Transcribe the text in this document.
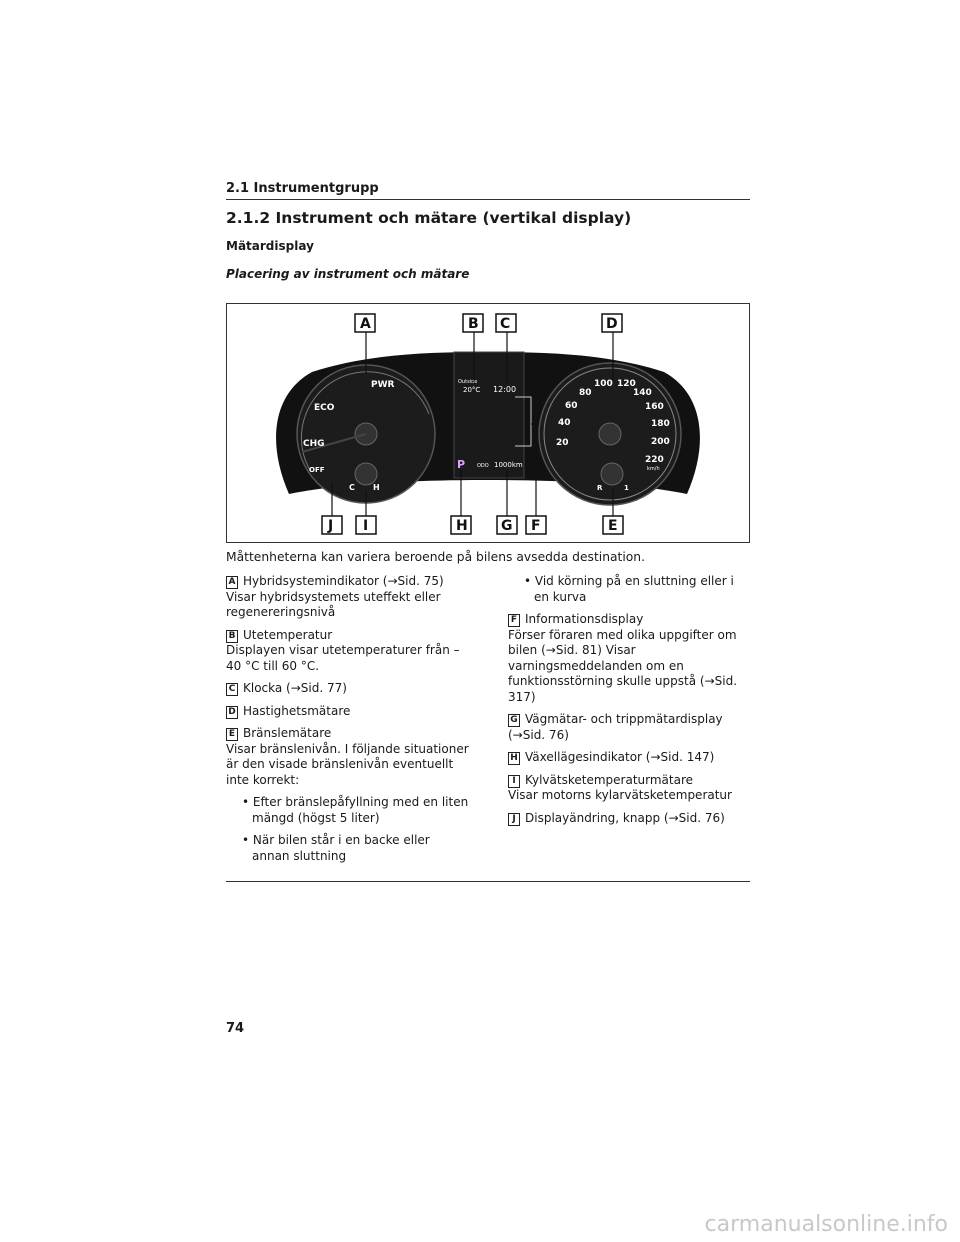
2.1 Instrumentgrupp
2.1.2 Instrument och mätare (vertikal display)
Mätardisplay
Placering av instrument och mätare
PWR
ECO
CHG
OFF
C H
Outside
20°C 12:00
P ODO 1000km
20
40
60
80
100 120
140
160
180
200
220
km/h
R	1
A	B C	D
E
F
G
H
I
J
Måttenheterna kan variera beroende på bilens avsedda destination.
A Hybridsystemindikator (→Sid. 75)
Visar hybridsystemets uteffekt eller regenereringsnivå
B Utetemperatur
Displayen visar utetemperaturer från –40 °C till 60 °C.
C Klocka (→Sid. 77)
D Hastighetsmätare
E Bränslemätare
Visar bränslenivån. I följande situationer är den visade bränslenivån eventuellt inte korrekt:
• Efter bränslepåfyllning med en liten mängd (högst 5 liter)
• När bilen står i en backe eller annan sluttning
• Vid körning på en sluttning eller i en kurva
F Informationsdisplay
Förser föraren med olika uppgifter om bilen (→Sid. 81) Visar varningsmeddelanden om en funktionsstörning skulle uppstå (→Sid. 317)
G Vägmätar- och trippmätardisplay (→Sid. 76)
H Växellägesindikator (→Sid. 147)
I Kylvätsketemperaturmätare
Visar motorns kylarvätsketemperatur
J Displayändring, knapp (→Sid. 76)
74
carmanualsonline.info
